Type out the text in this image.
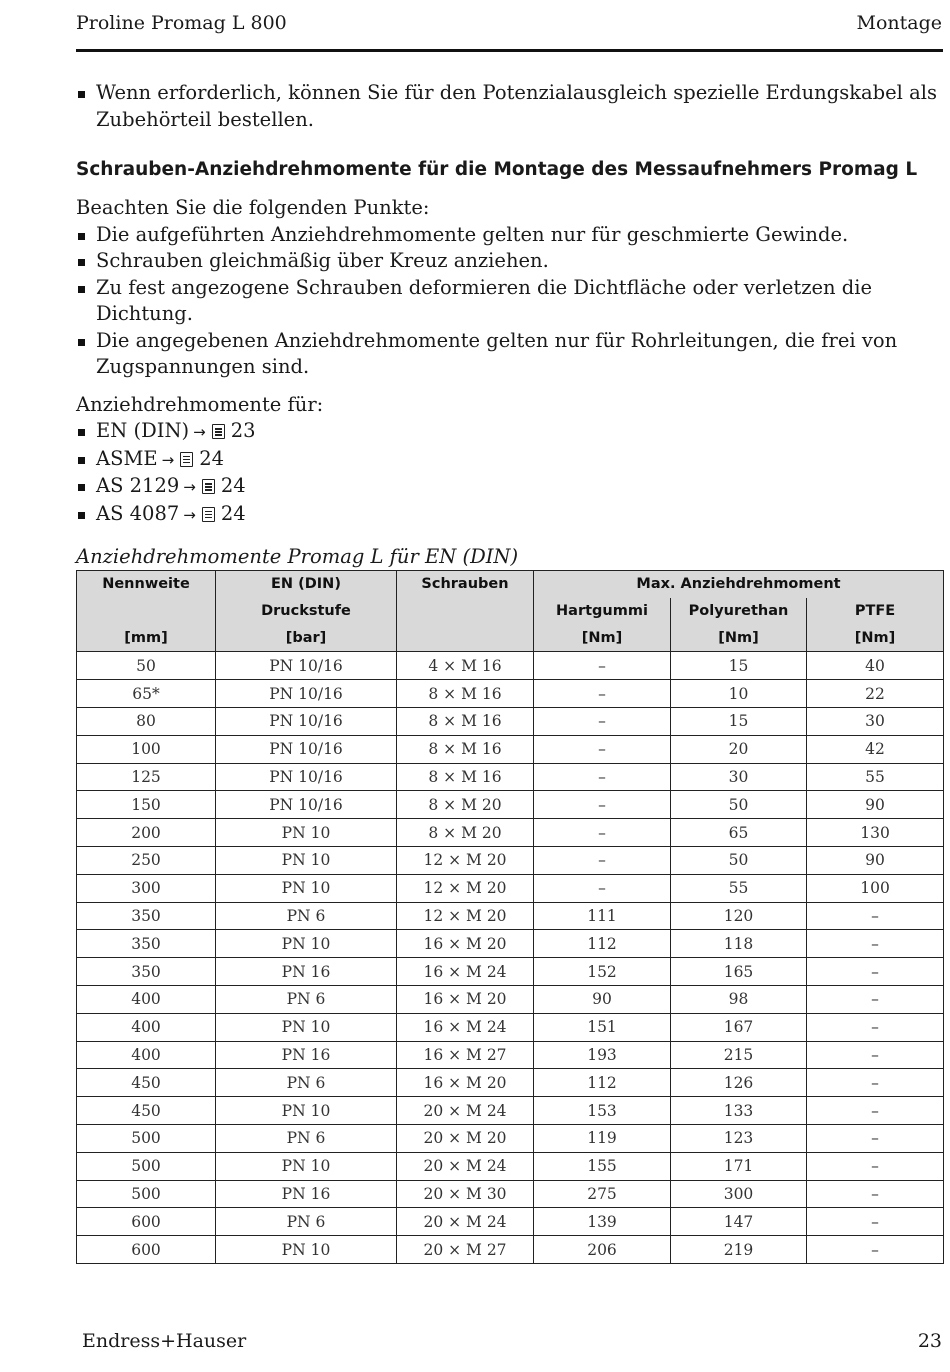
Proline Promag L 800	Montage
Wenn erforderlich, können Sie für den Potenzialausgleich spezielle Erdungskabel als Zubehörteil bestellen.
Schrauben-Anziehdrehmomente für die Montage des Messaufnehmers Promag L
Beachten Sie die folgenden Punkte:
Die aufgeführten Anziehdrehmomente gelten nur für geschmierte Gewinde.
Schrauben gleichmäßig über Kreuz anziehen.
Zu fest angezogene Schrauben deformieren die Dichtfläche oder verletzen die Dichtung.
Die angegebenen Anziehdrehmomente gelten nur für Rohrleitungen, die frei von Zugspannungen sind.
Anziehdrehmomente für:
EN (DIN) → 23
ASME → 24
AS 2129 → 24
AS 4087 → 24
Anziehdrehmomente Promag L für EN (DIN)
Nennweite	EN (DIN)	Schrauben	Max. Anziehdrehmoment		
	Druckstufe		Hartgummi	Polyurethan	PTFE
[mm]	[bar]		[Nm]	[Nm]	[Nm]
50	PN 10/16	4 × M 16	–	15	40
65*	PN 10/16	8 × M 16	–	10	22
80	PN 10/16	8 × M 16	–	15	30
100	PN 10/16	8 × M 16	–	20	42
125	PN 10/16	8 × M 16	–	30	55
150	PN 10/16	8 × M 20	–	50	90
200	PN 10	8 × M 20	–	65	130
250	PN 10	12 × M 20	–	50	90
300	PN 10	12 × M 20	–	55	100
350	PN 6	12 × M 20	111	120	–
350	PN 10	16 × M 20	112	118	–
350	PN 16	16 × M 24	152	165	–
400	PN 6	16 × M 20	90	98	–
400	PN 10	16 × M 24	151	167	–
400	PN 16	16 × M 27	193	215	–
450	PN 6	16 × M 20	112	126	–
450	PN 10	20 × M 24	153	133	–
500	PN 6	20 × M 20	119	123	–
500	PN 10	20 × M 24	155	171	–
500	PN 16	20 × M 30	275	300	–
600	PN 6	20 × M 24	139	147	–
600	PN 10	20 × M 27	206	219	–
Endress+Hauser	23
